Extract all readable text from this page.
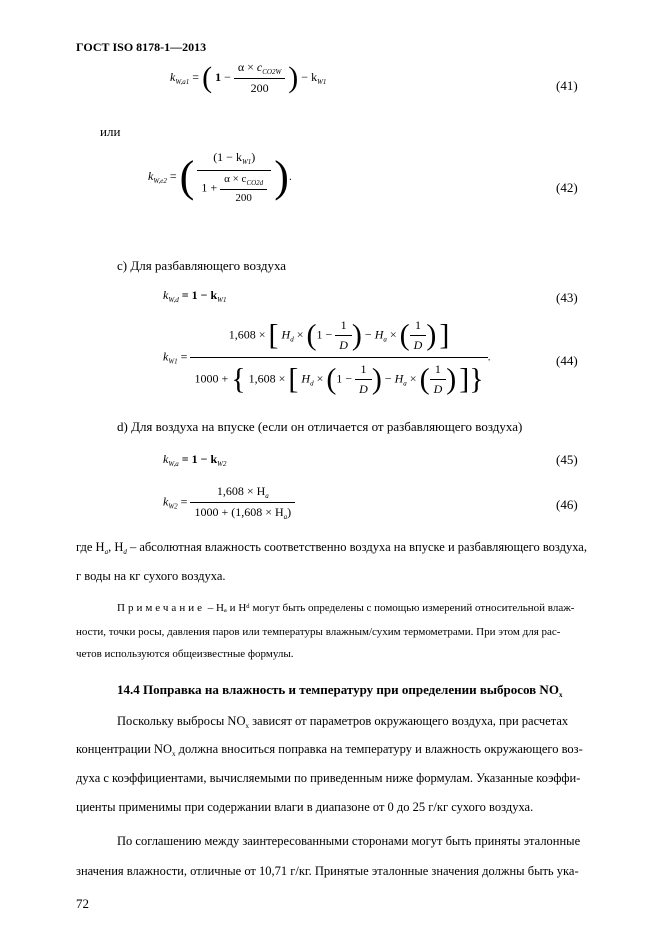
ГОСТ ISO 8178-1—2013
$k_{W,a1}$ = ( $1 - \frac{\alpha \times c_{CO2W}}{200}$ ) − $k_{W1}$	(41)
или
$k_{W,e2}$ = ( $\frac{(1 - k_{W1})}{1 + \frac{\alpha \times c_{CO2d}}{200}}$ ).
(42)
c) Для разбавляющего воздуха
$k_{W,d} = 1 - k_{W1}$	(43)
$k_{W1}$ =
1,608 × [ $H_d \times (1 - \frac{1}{D}$ ) − $H_a$ × ( $\frac{1}{D}$ ) ]
1000 + { 1,608 × [ $H_d \times (1 - \frac{1}{D}$ ) − $H_a$ × ( $\frac{1}{D}$ ) ]}
.	(44)
d) Для воздуха на впуске (если он отличается от разбавляющего воздуха)
$k_{W,a} = 1 - k_{W2}$	(45)
$k_{W2} = \frac{1,608 \times H_a}{1000 + (1,608 \times H_a)}$	(46)
где $H_a$, $H_d$ – абсолютная влажность соответственно воздуха на впуске и разбавляющего воздуха,
г воды на кг сухого воздуха.
Примечание – Hₐ и Hᵈ могут быть определены с помощью измерений относительной влаж-
ности, точки росы, давления паров или температуры влажным/сухим термометрами. При этом для рас-
четов используются общеизвестные формулы.
14.4 Поправка на влажность и температуру при определении выбросов $NO_x$
Поскольку выбросы $NO_x$ зависят от параметров окружающего воздуха, при расчетах
концентрации $NO_x$ должна вноситься поправка на температуру и влажность окружающего воз-
духа с коэффициентами, вычисляемыми по приведенным ниже формулам. Указанные коэффи-
циенты применимы при содержании влаги в диапазоне от 0 до 25 г/кг сухого воздуха.
По соглашению между заинтересованными сторонами могут быть приняты эталонные
значения влажности, отличные от 10,71 г/кг. Принятые эталонные значения должны быть ука-
72
